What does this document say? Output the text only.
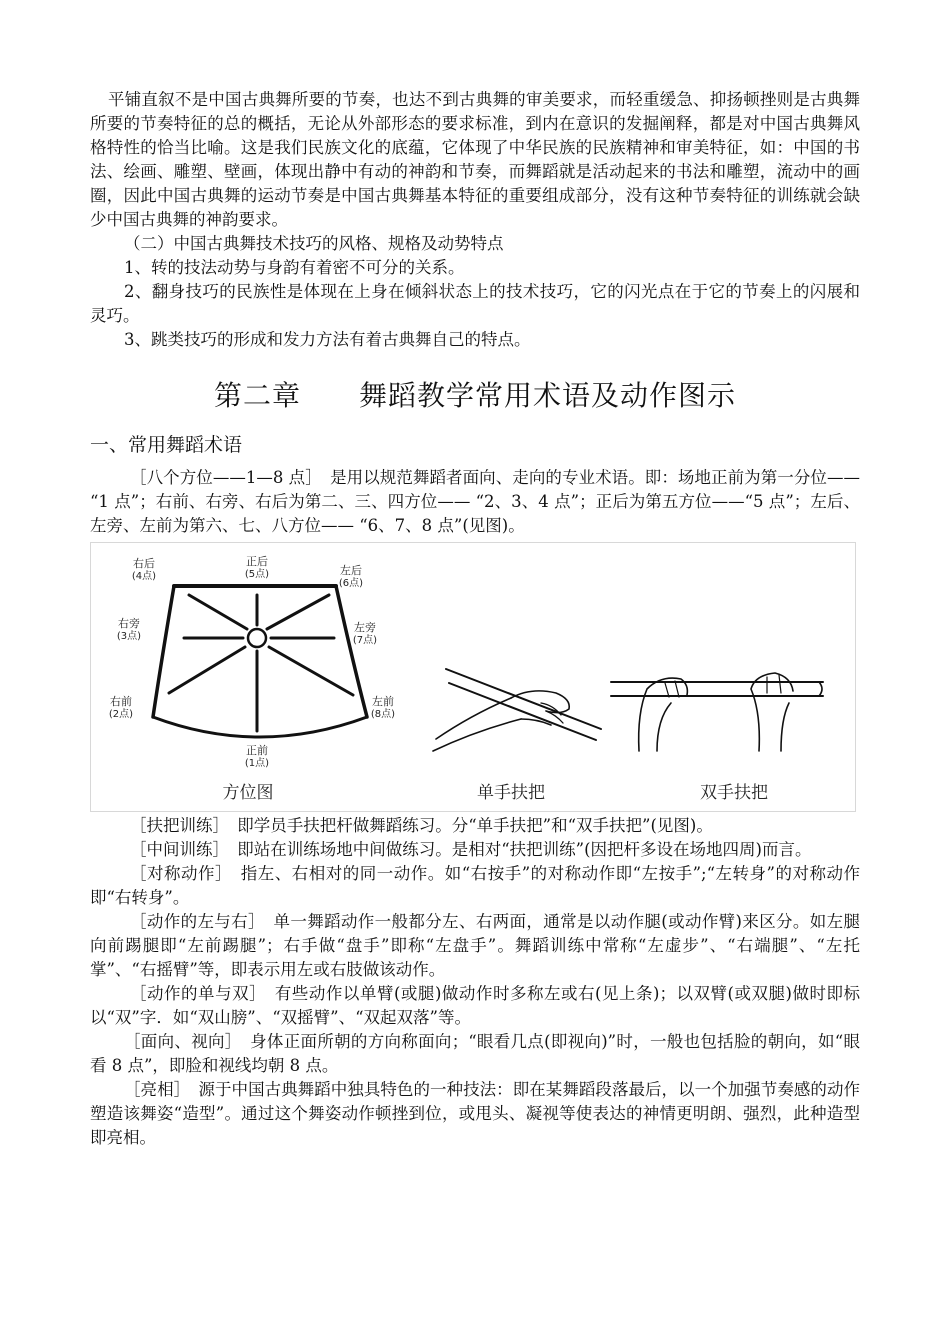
平铺直叙不是中国古典舞所要的节奏，也达不到古典舞的审美要求，而轻重缓急、抑扬顿挫则是古典舞所要的节奏特征的总的概括，无论从外部形态的要求标准，到内在意识的发掘阐释，都是对中国古典舞风格特性的恰当比喻。这是我们民族文化的底蕴，它体现了中华民族的民族精神和审美特征，如：中国的书法、绘画、雕塑、壁画，体现出静中有动的神韵和节奏，而舞蹈就是活动起来的书法和雕塑，流动中的画圈，因此中国古典舞的运动节奏是中国古典舞基本特征的重要组成部分，没有这种节奏特征的训练就会缺少中国古典舞的神韵要求。

（二）中国古典舞技术技巧的风格、规格及动势特点

1、转的技法动势与身韵有着密不可分的关系。

2、翻身技巧的民族性是体现在上身在倾斜状态上的技术技巧，它的闪光点在于它的节奏上的闪展和灵巧。

3、跳类技巧的形成和发力方法有着古典舞自己的特点。

第二章　　舞蹈教学常用术语及动作图示
一、常用舞蹈术语

［八个方位——1—8 点］　是用以规范舞蹈者面向、走向的专业术语。即：场地正前为第一分位—— “1 点”；右前、右旁、右后为第二、三、四方位—— “2、3、4 点”；正后为第五方位——“5 点”；左后、左旁、左前为第六、七、八方位—— “6、7、8 点”(见图)。

正后
(5点)
右后
(4点)	左后
(6点)
右旁
(3点)
左旁
(7点)
右前
(2点)
左前
(8点)
正前
(1点)
方位图	单手扶把	双手扶把

［扶把训练］　即学员手扶把杆做舞蹈练习。分“单手扶把”和“双手扶把”(见图)。

［中间训练］　即站在训练场地中间做练习。是相对“扶把训练”(因把杆多设在场地四周)而言。

［对称动作］　指左、右相对的同一动作。如“右按手”的对称动作即“左按手”;“左转身”的对称动作即“右转身”。

［动作的左与右］　单一舞蹈动作一般都分左、右两面，通常是以动作腿(或动作臂)来区分。如左腿向前踢腿即“左前踢腿”；右手做“盘手”即称“左盘手”。舞蹈训练中常称“左虚步”、“右端腿”、“左托掌”、“右摇臂”等，即表示用左或右肢做该动作。

［动作的单与双］　有些动作以单臂(或腿)做动作时多称左或右(见上条)；以双臂(或双腿)做时即标以“双”字．如“双山膀”、“双摇臂”、“双起双落”等。

［面向、视向］　身体正面所朝的方向称面向；“眼看几点(即视向)”时，一般也包括脸的朝向，如“眼看 8 点”，即脸和视线均朝 8 点。

［亮相］　源于中国古典舞蹈中独具特色的一种技法：即在某舞蹈段落最后，以一个加强节奏感的动作塑造该舞姿“造型”。通过这个舞姿动作顿挫到位，或甩头、凝视等使表达的神情更明朗、强烈，此种造型即亮相。
